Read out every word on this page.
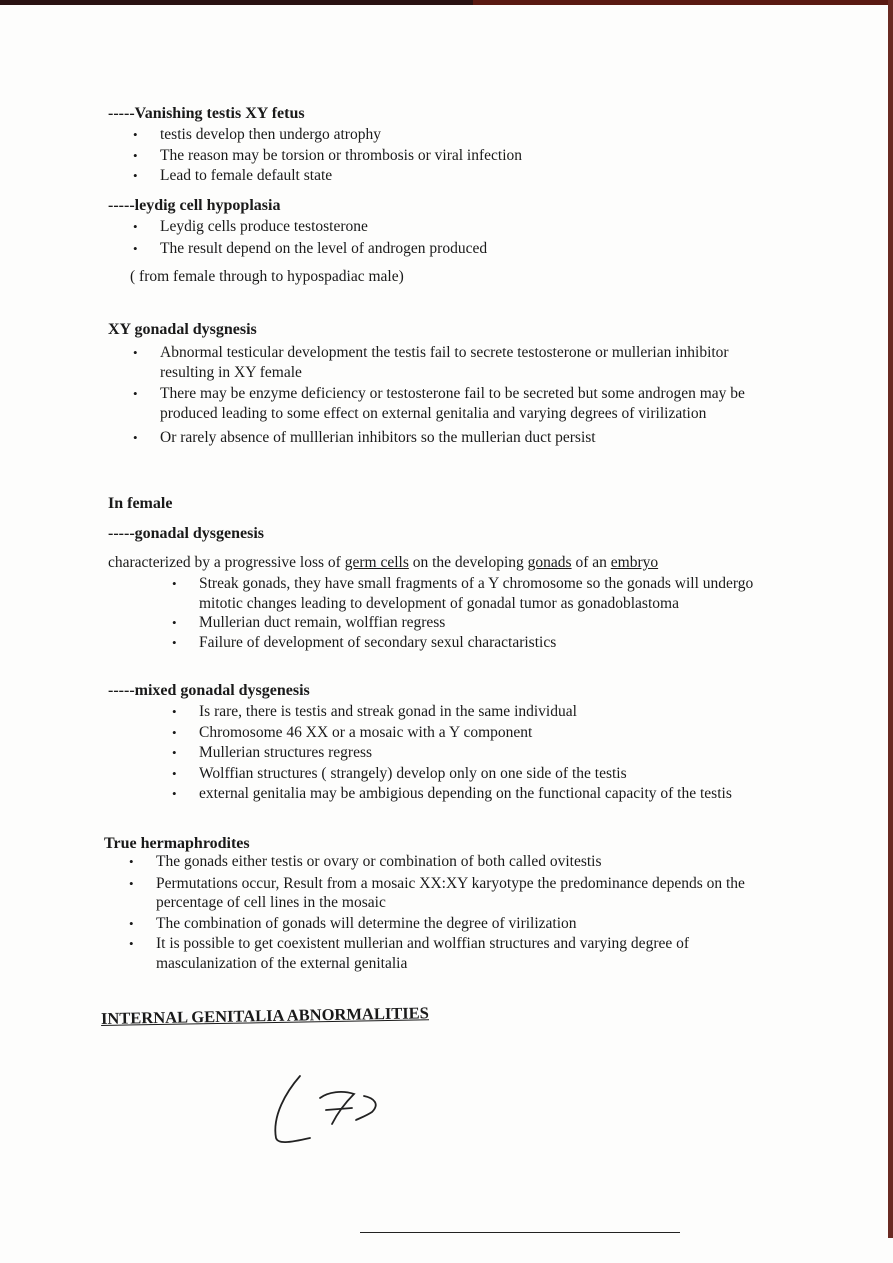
-----Vanishing testis XY fetus
• testis develop then undergo atrophy
• The reason may be torsion or thrombosis or viral infection
• Lead to female default state
-----leydig cell hypoplasia
• Leydig cells produce testosterone
• The result depend on the level of androgen produced
( from female through to hypospadiac male)
XY gonadal dysgnesis
• Abnormal testicular development the testis fail to secrete testosterone or mullerian inhibitor resulting in XY female
• There may be enzyme deficiency or testosterone fail to be secreted but some androgen may be produced leading to some effect on external genitalia and varying degrees of virilization
• Or rarely absence of mulllerian inhibitors so the mullerian duct persist
In female
-----gonadal dysgenesis
characterized by a progressive loss of germ cells on the developing gonads of an embryo
• Streak gonads, they have small fragments of a Y chromosome so the gonads will undergo mitotic changes leading to development of gonadal tumor as gonadoblastoma
• Mullerian duct remain, wolffian regress
• Failure of development of secondary sexul charactaristics
-----mixed gonadal dysgenesis
• Is rare, there is testis and streak gonad in the same individual
• Chromosome 46 XX or a mosaic with a Y component
• Mullerian structures regress
• Wolffian structures ( strangely) develop only on one side of the testis
• external genitalia may be ambigious depending on the functional capacity of the testis
True hermaphrodites
• The gonads either testis or ovary or combination of both called ovitestis
• Permutations occur, Result from a mosaic XX:XY karyotype the predominance depends on the percentage of cell lines in the mosaic
• The combination of gonads will determine the degree of virilization
• It is possible to get coexistent mullerian and wolffian structures and varying degree of masculanization of the external genitalia
INTERNAL GENITALIA ABNORMALITIES
